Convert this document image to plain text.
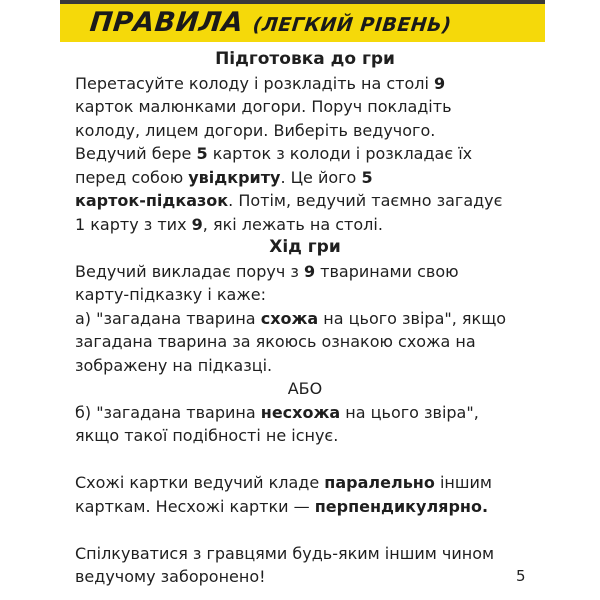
ПРАВИЛА (ЛЕГКИЙ РІВЕНЬ)

Підготовка до гри

Перетасуйте колоду і розкладіть на столі 9

карток малюнками догори. Поруч покладіть

колоду, лицем догори. Виберіть ведучого.

Ведучий бере 5 карток з колоди і розкладає їх

перед собою увідкриту. Це його 5

карток-підказок. Потім, ведучий таємно загадує

1 карту з тих 9, які лежать на столі.

Хід гри

Ведучий викладає поруч з 9 тваринами свою

карту-підказку і каже:

а) "загадана тварина схожа на цього звіра", якщо

загадана тварина за якоюсь ознакою схожа на

зображену на підказці.

АБО

б) "загадана тварина несхожа на цього звіра",

якщо такої подібності не існує.

Схожі картки ведучий кладе паралельно іншим

карткам. Несхожі картки — перпендикулярно.

Спілкуватися з гравцями будь-яким іншим чином

ведучому заборонено!	5
